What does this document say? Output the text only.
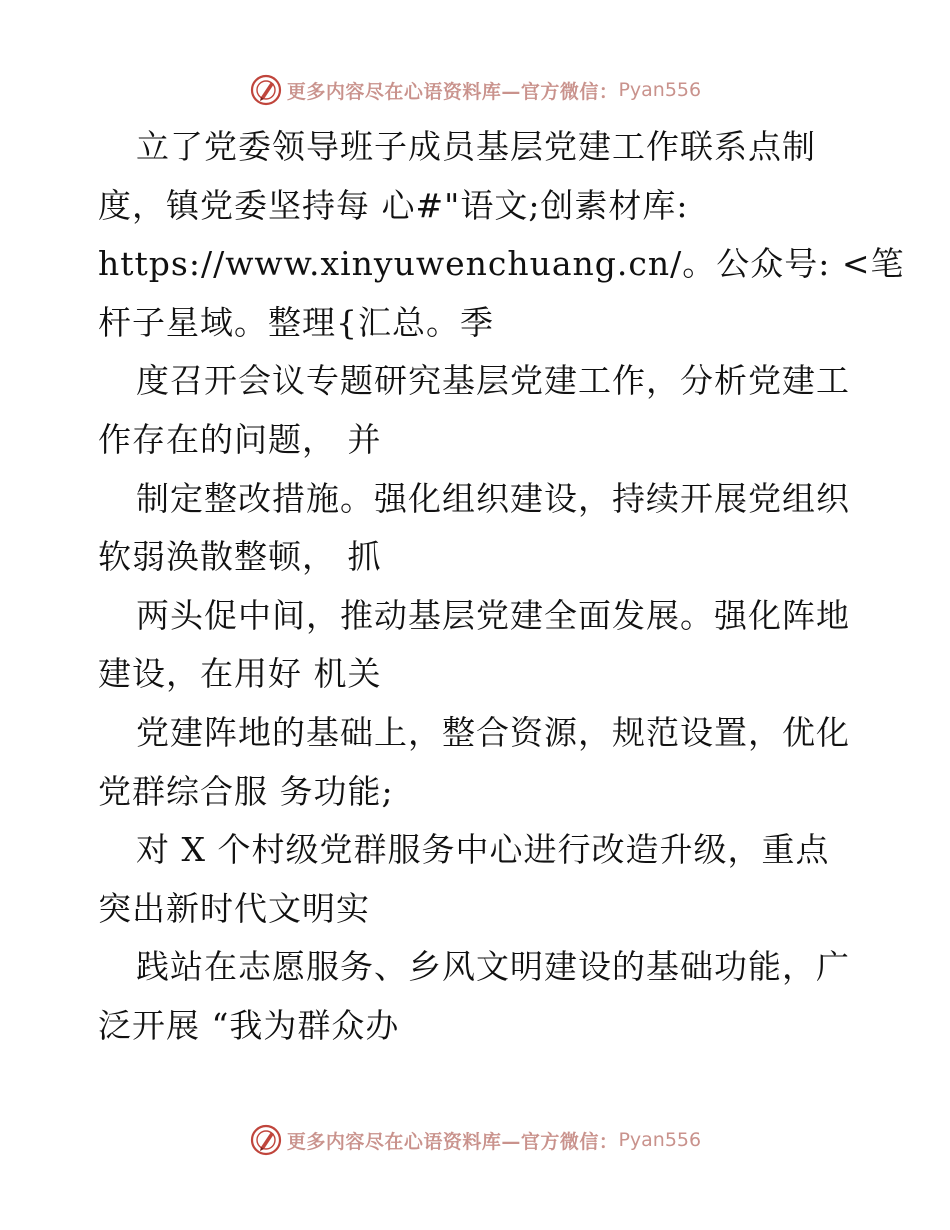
更多内容尽在心语资料库— 官方微信： Pyan556
立了党委领导班子成员基层党建工作联系点制
度，镇党委坚持每 心#"语文;创素材库:
https://www.xinyuwenchuang.cn/。公众号: <笔
杆子星域。整理{汇总。季
度召开会议专题研究基层党建工作，分析党建工
作存在的问题， 并
制定整改措施。强化组织建设，持续开展党组织
软弱涣散整顿， 抓
两头促中间，推动基层党建全面发展。强化阵地
建设，在用好 机关
党建阵地的基础上，整合资源，规范设置，优化
党群综合服 务功能;
对 X 个村级党群服务中心进行改造升级，重点
突出新时代文明实
践站在志愿服务、乡风文明建设的基础功能，广
泛开展 “我为群众办
更多内容尽在心语资料库— 官方微信： Pyan556
